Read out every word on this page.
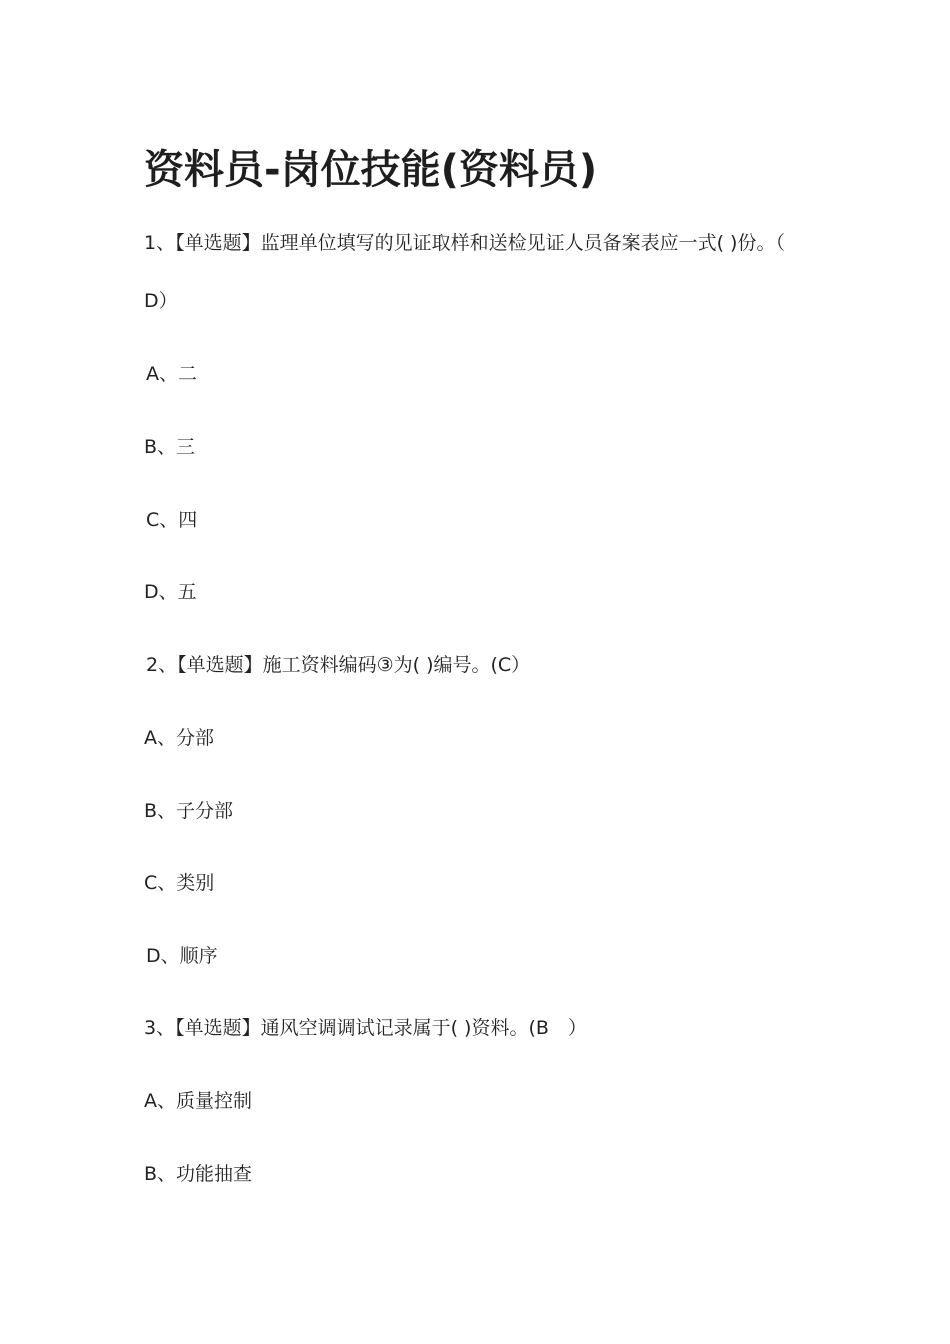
资料员-岗位技能(资料员)
1、【单选题】监理单位填写的见证取样和送检见证人员备案表应一式( )份。（
D）
A、二
B、三
C、四
D、五
2、【单选题】施工资料编码③为( )编号。(C）
A、分部
B、子分部
C、类别
D、顺序
3、【单选题】通风空调调试记录属于( )资料。(B　）
A、质量控制
B、功能抽查
